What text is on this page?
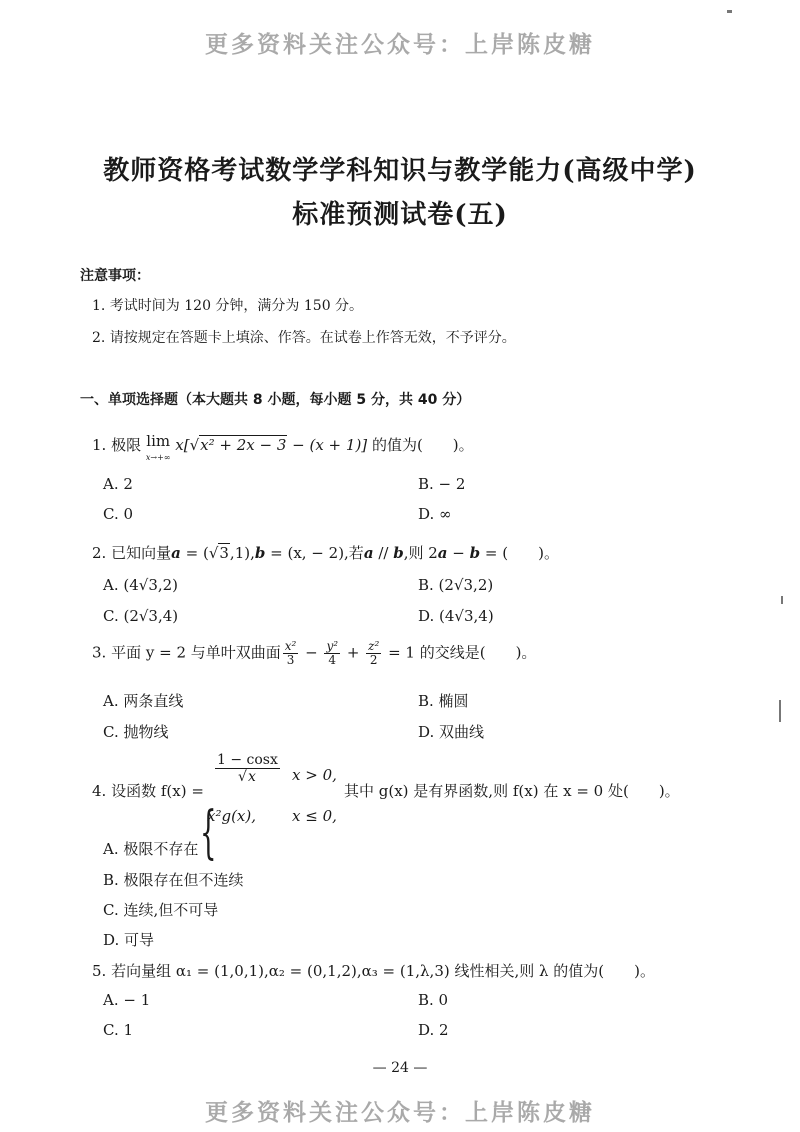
更多资料关注公众号：上岸陈皮糖
更多资料关注公众号：上岸陈皮糖
教师资格考试数学学科知识与教学能力(高级中学)
标准预测试卷(五)
注意事项：
1. 考试时间为 120 分钟，满分为 150 分。
2. 请按规定在答题卡上填涂、作答。在试卷上作答无效，不予评分。
一、单项选择题（本大题共 8 小题，每小题 5 分，共 40 分）
1. 极限 lim
x→+∞ x[√x² + 2x − 3 − (x + 1)] 的值为(　　)。
A. 2	B. − 2
C. 0	D. ∞
2. 已知向量a = (√3,1),b = (x, − 2),若a // b,则 2a − b = (　　)。
A. (4√3,2)	B. (2√3,2)
C. (2√3,4)	D. (4√3,4)
3. 平面 y = 2 与单叶双曲面 $\frac{\text{x²}}{3} - \frac{\text{y²}}{4} + \frac{\text{z²}}{2} = 1$ 的交线是(　　)。
A. 两条直线	B. 椭圆
C. 抛物线	D. 双曲线
4. 设函数 f(x) =
{
$\frac{1 - \cos x}{√x}$ x > 0,
x²g(x), x ≤ 0,
其中 g(x) 是有界函数,则 f(x) 在 x = 0 处(　　)。
A. 极限不存在
B. 极限存在但不连续
C. 连续,但不可导
D. 可导
5. 若向量组 α₁ = (1,0,1),α₂ = (0,1,2),α₃ = (1,λ,3) 线性相关,则 λ 的值为(　　)。
A. − 1	B. 0
C. 1	D. 2
— 24 —
